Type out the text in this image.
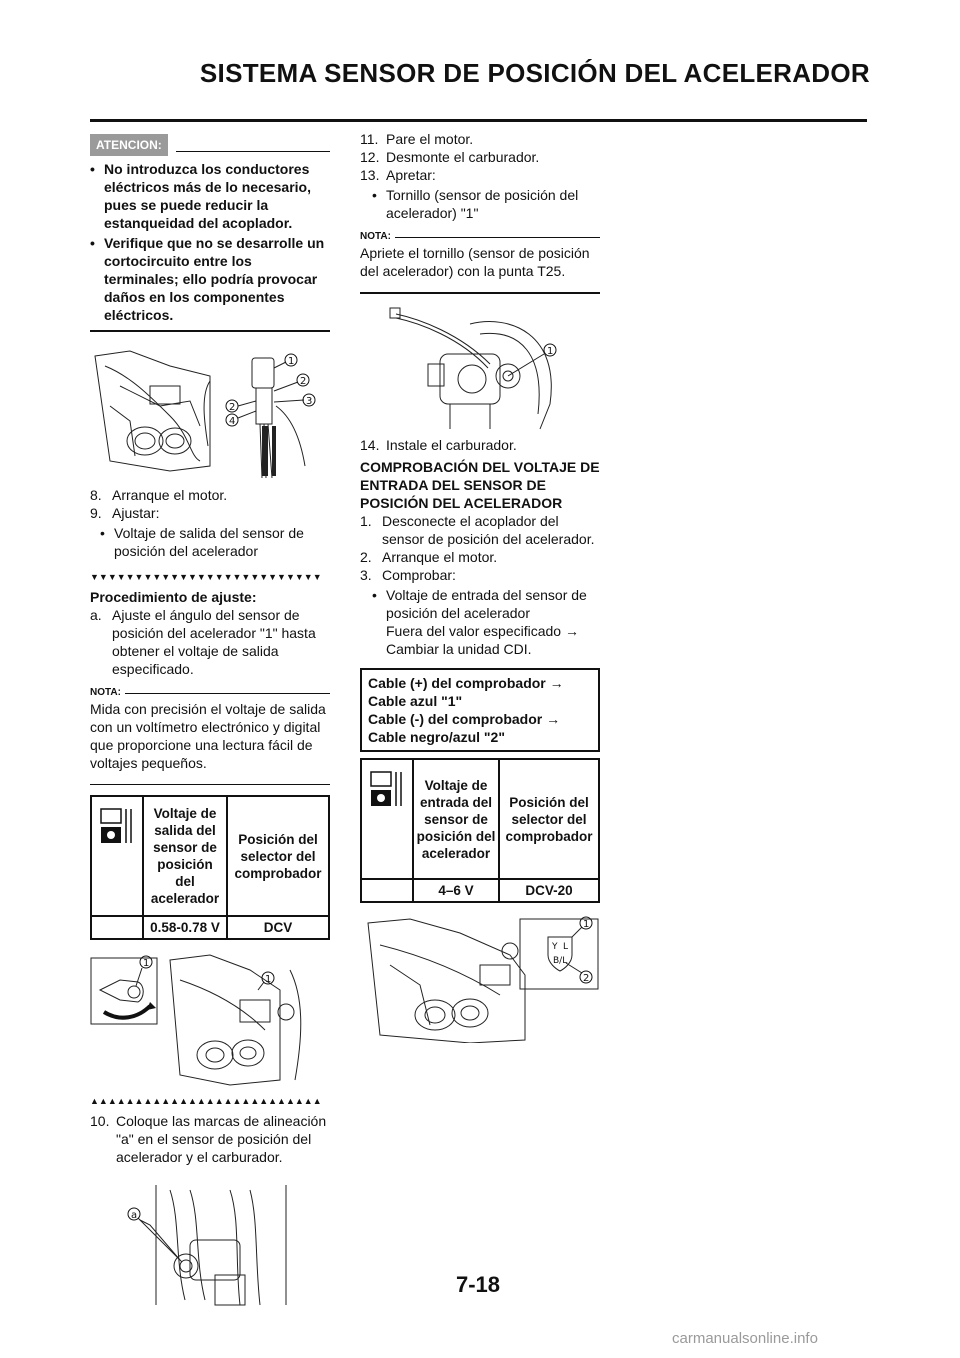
SISTEMA SENSOR DE POSICIÓN DEL ACELERADOR
ATENCION:
• No introduzca los conductores eléctricos más de lo necesario, pues se puede reducir la estanqueidad del acoplador.
• Verifique que no se desarrolle un cortocircuito entre los terminales; ello podría provocar daños en los componentes eléctricos.
1
2
2
3
4
8. Arranque el motor.
9. Ajustar:
• Voltaje de salida del sensor de posición del acelerador
▼▼▼▼▼▼▼▼▼▼▼▼▼▼▼▼▼▼▼▼▼▼▼▼▼▼
Procedimiento de ajuste:
a. Ajuste el ángulo del sensor de posición del acelerador "1" hasta obtener el voltaje de salida especificado.
NOTA:
Mida con precisión el voltaje de salida con un voltímetro electrónico y digital que proporcione una lectura fácil de voltajes pequeños.
	Voltaje de salida del sensor de posición del acelerador	Posición del selector del comprobador
	0.58-0.78 V	DCV
1
1
▲▲▲▲▲▲▲▲▲▲▲▲▲▲▲▲▲▲▲▲▲▲▲▲▲▲
10. Coloque las marcas de alineación "a" en el sensor de posición del acelerador y el carburador.
a
11. Pare el motor.
12. Desmonte el carburador.
13. Apretar:
• Tornillo (sensor de posición del acelerador) "1"
NOTA:
Apriete el tornillo (sensor de posición del acelerador) con la punta T25.
1
14. Instale el carburador.
COMPROBACIÓN DEL VOLTAJE DE ENTRADA DEL SENSOR DE POSICIÓN DEL ACELERADOR
1. Desconecte el acoplador del sensor de posición del acelerador.
2. Arranque el motor.
3. Comprobar:
• Voltaje de entrada del sensor de posición del acelerador
Fuera del valor especificado → Cambiar la unidad CDI.
Cable (+) del comprobador → Cable azul "1"
Cable (-) del comprobador → Cable negro/azul "2"
	Voltaje de entrada del sensor de posición del acelerador	Posición del selector del comprobador
	4–6 V	DCV-20
Y L
B/L
1
2
7-18
carmanualsonline.info
